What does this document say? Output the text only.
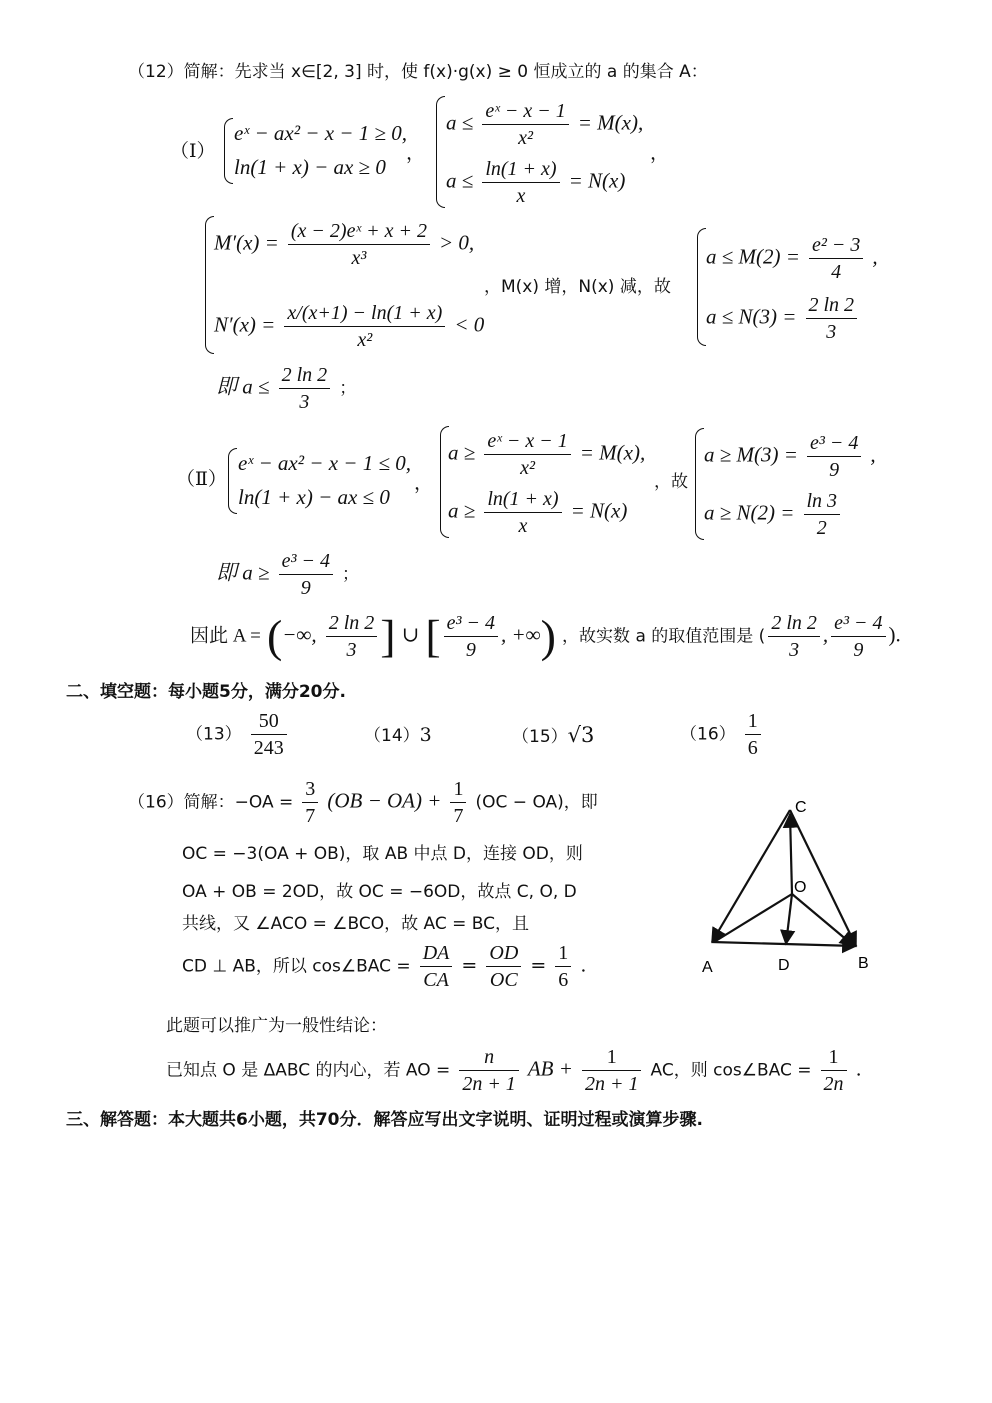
（12）简解：先求当 x∈[2, 3] 时，使 f(x)·g(x) ≥ 0 恒成立的 a 的集合 A：
（Ⅰ）
eˣ − ax² − x − 1 ≥ 0,
ln(1 + x) − ax ≥ 0
，
$a \le \frac{\text{eˣ − x − 1}}{\text{x²}} = M(x)$,
$a \le \frac{\ln(1 + x)}{x} = N(x)$
，
$M'(x) = \frac{\text{(x − 2)eˣ + x + 2}}{\text{x³}} > 0$,
$N'(x) = \frac{x/(x+1) - \ln(1 + x)}{\text{x²}} < 0$
，M(x) 增，N(x) 减，故
$a \le M(2) = \frac{\text{e² − 3}}{4}$ ,
$a \le N(3) = \frac{2 \ln 2}{3}$
即 $a \le \frac{2 \ln 2}{3}$ ；
（Ⅱ）
eˣ − ax² − x − 1 ≤ 0,
ln(1 + x) − ax ≤ 0
，
$a \ge \frac{\text{eˣ − x − 1}}{\text{x²}} = M(x)$,
$a \ge \frac{\ln(1 + x)}{x} = N(x)$
，故
$a \ge M(3) = \frac{\text{e³ − 4}}{9}$ ,
$a \ge N(2) = \frac{\ln 3}{2}$
即 $a \ge \frac{\text{e³ − 4}}{9}$ ；
因此 A = (−∞, $\frac{2 \ln 2}{3}$ ] ∪ [ $\frac{\text{e³ − 4}}{9}$ , +∞) ，故实数 a 的取值范围是 ( $\frac{2 \ln 2}{3}$ , $\frac{\text{e³ − 4}}{9}$ ).
二、填空题：每小题5分，满分20分.
$(13) \frac{50}{243}$	（14）3	（15）√3	$(16) \frac{1}{6}$
（16）简解：$-OA = \frac{3}{7} (OB - OA) + \frac{1}{7} (OC - OA)$，即
OC = −3(OA + OB)，取 AB 中点 D，连接 OD，则
OA + OB = 2OD，故 OC = −6OD，故点 C, O, D
共线，又 ∠ACO = ∠BCO，故 AC = BC，且
CD ⊥ AB，所以 cos∠BAC = $\frac{DA}{CA} = \frac{OD}{OC} = \frac{1}{6}$ .
C
O
A	D	B
此题可以推广为一般性结论：
已知点 O 是 ΔABC 的内心，若 AO = $\frac{n}{2n + 1}$ AB + $\frac{1}{2n + 1}$ AC，则 cos∠BAC = $\frac{1}{2n}$ .
三、解答题：本大题共6小题，共70分．解答应写出文字说明、证明过程或演算步骤.
